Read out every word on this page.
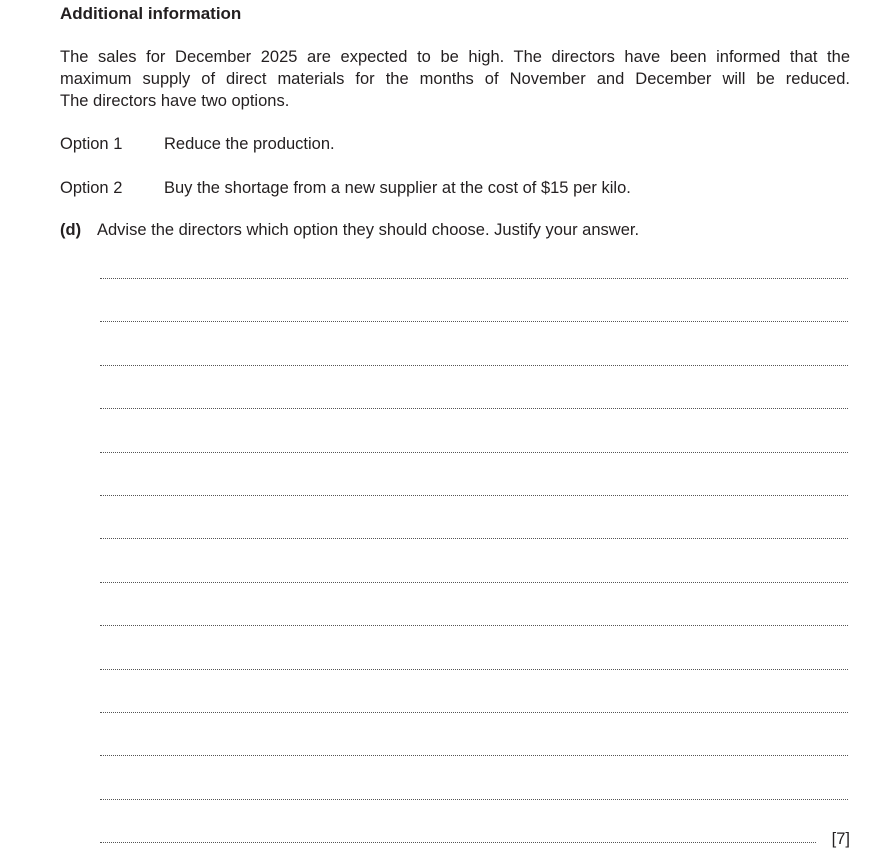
Additional information
The sales for December 2025 are expected to be high. The directors have been informed that the
maximum supply of direct materials for the months of November and December will be reduced.
The directors have two options.
Option 1	Reduce the production.
Option 2	Buy the shortage from a new supplier at the cost of $15 per kilo.
(d) Advise the directors which option they should choose. Justify your answer.
[7]
